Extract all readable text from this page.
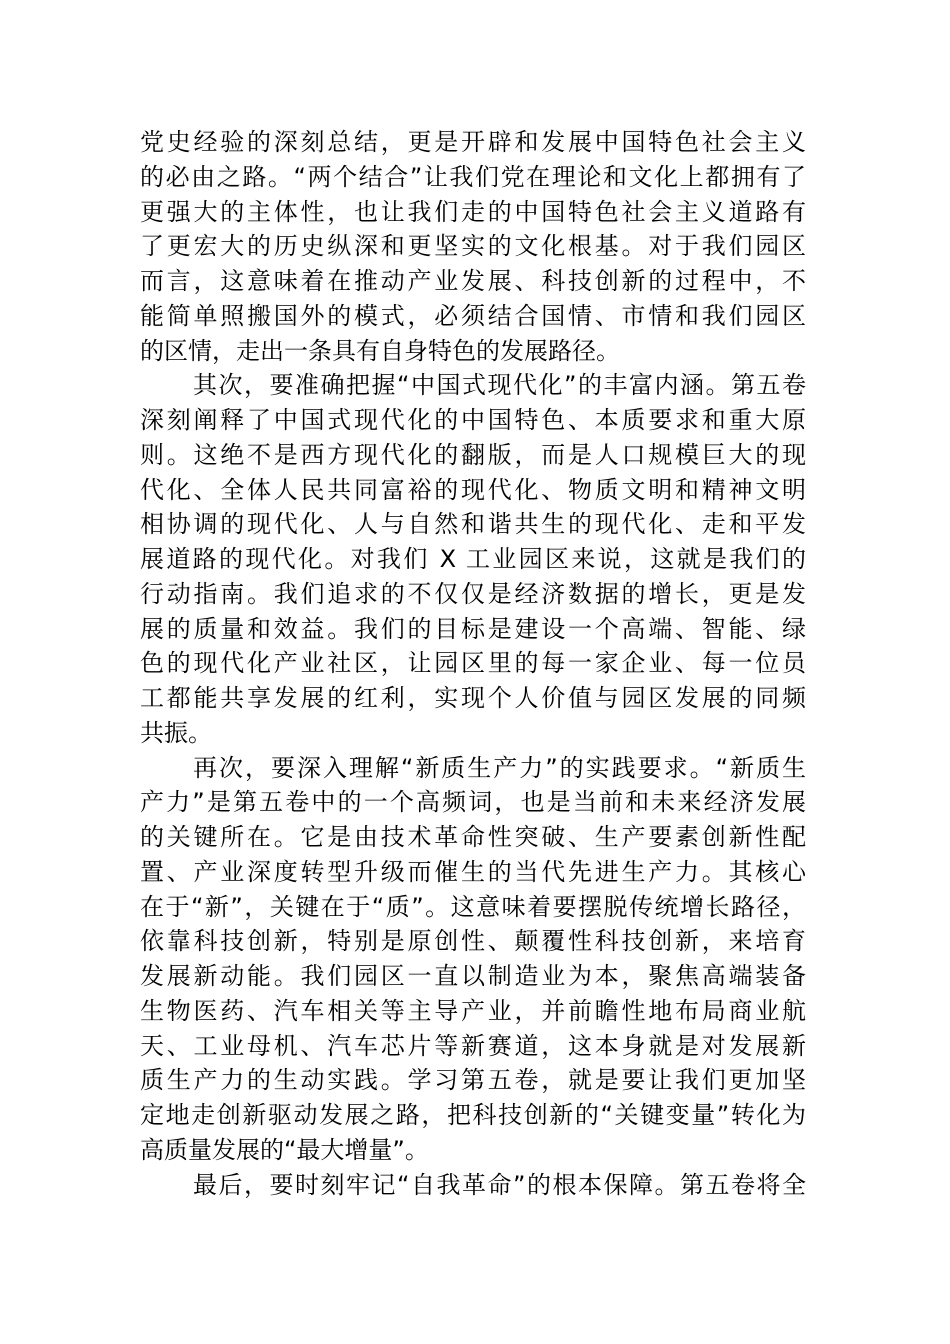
党史经验的深刻总结，更是开辟和发展中国特色社会主义
的必由之路。“两个结合”让我们党在理论和文化上都拥有了
更强大的主体性，也让我们走的中国特色社会主义道路有
了更宏大的历史纵深和更坚实的文化根基。对于我们园区
而言，这意味着在推动产业发展、科技创新的过程中，不
能简单照搬国外的模式，必须结合国情、市情和我们园区
的区情，走出一条具有自身特色的发展路径。
其次，要准确把握“中国式现代化”的丰富内涵。第五卷
深刻阐释了中国式现代化的中国特色、本质要求和重大原
则。这绝不是西方现代化的翻版，而是人口规模巨大的现
代化、全体人民共同富裕的现代化、物质文明和精神文明
相协调的现代化、人与自然和谐共生的现代化、走和平发
展道路的现代化。对我们 X 工业园区来说，这就是我们的
行动指南。我们追求的不仅仅是经济数据的增长，更是发
展的质量和效益。我们的目标是建设一个高端、智能、绿
色的现代化产业社区，让园区里的每一家企业、每一位员
工都能共享发展的红利，实现个人价值与园区发展的同频
共振。
再次，要深入理解“新质生产力”的实践要求。“新质生
产力”是第五卷中的一个高频词，也是当前和未来经济发展
的关键所在。它是由技术革命性突破、生产要素创新性配
置、产业深度转型升级而催生的当代先进生产力。其核心
在于“新”，关键在于“质”。这意味着要摆脱传统增长路径，
依靠科技创新，特别是原创性、颠覆性科技创新，来培育
发展新动能。我们园区一直以制造业为本，聚焦高端装备
生物医药、汽车相关等主导产业，并前瞻性地布局商业航
天、工业母机、汽车芯片等新赛道，这本身就是对发展新
质生产力的生动实践。学习第五卷，就是要让我们更加坚
定地走创新驱动发展之路，把科技创新的“关键变量”转化为
高质量发展的“最大增量”。
最后，要时刻牢记“自我革命”的根本保障。第五卷将全
